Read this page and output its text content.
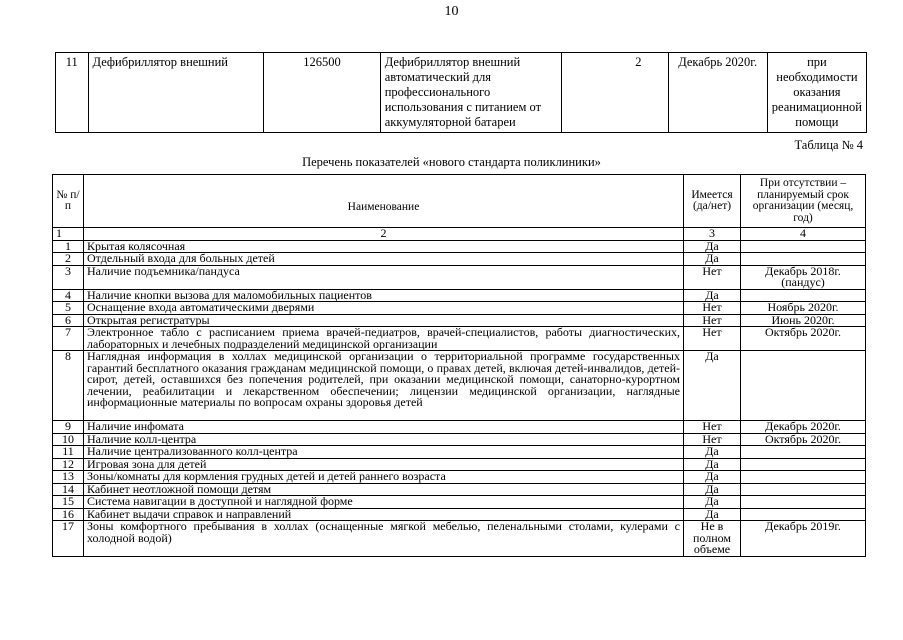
10
11	Дефибриллятор внешний	126500	Дефибриллятор внешний автоматический для профессионального использования с питанием от аккумуляторной батареи	2	Декабрь 2020г.	при необходимости оказания реанимационной помощи
Таблица № 4
Перечень показателей «нового стандарта поликлиники»
№ п/п	Наименование	Имеется (да/нет)	При отсутствии – планируемый срок организации (месяц, год)
1	2	3	4
1	Крытая колясочная	Да	
2	Отдельный входа для больных детей	Да	
3	Наличие подъемника/пандуса	Нет	Декабрь 2018г. (пандус)
4	Наличие кнопки вызова для маломобильных пациентов	Да	
5	Оснащение входа автоматическими дверями	Нет	Ноябрь 2020г.
6	Открытая регистратуры	Нет	Июнь 2020г.
7	Электронное табло с расписанием приема врачей-педиатров, врачей-специалистов, работы диагностических, лабораторных и лечебных подразделений медицинской организации	Нет	Октябрь 2020г.
8	Наглядная информация в холлах медицинской организации о территориальной программе государственных гарантий бесплатного оказания гражданам медицинской помощи, о правах детей, включая детей-инвалидов, детей-сирот, детей, оставшихся без попечения родителей, при оказании медицинской помощи, санаторно-курортном лечении, реабилитации и лекарственном обеспечении; лицензии медицинской организации, наглядные информационные материалы по вопросам охраны здоровья детей	Да	
9	Наличие инфомата	Нет	Декабрь 2020г.
10	Наличие колл-центра	Нет	Октябрь 2020г.
11	Наличие централизованного колл-центра	Да	
12	Игровая зона для детей	Да	
13	Зоны/комнаты для кормления грудных детей и детей раннего возраста	Да	
14	Кабинет неотложной помощи детям	Да	
15	Система навигации в доступной и наглядной форме	Да	
16	Кабинет выдачи справок и направлений	Да	
17	Зоны комфортного пребывания в холлах (оснащенные мягкой мебелью, пеленальными столами, кулерами с холодной водой)	Не в полном объеме	Декабрь 2019г.
